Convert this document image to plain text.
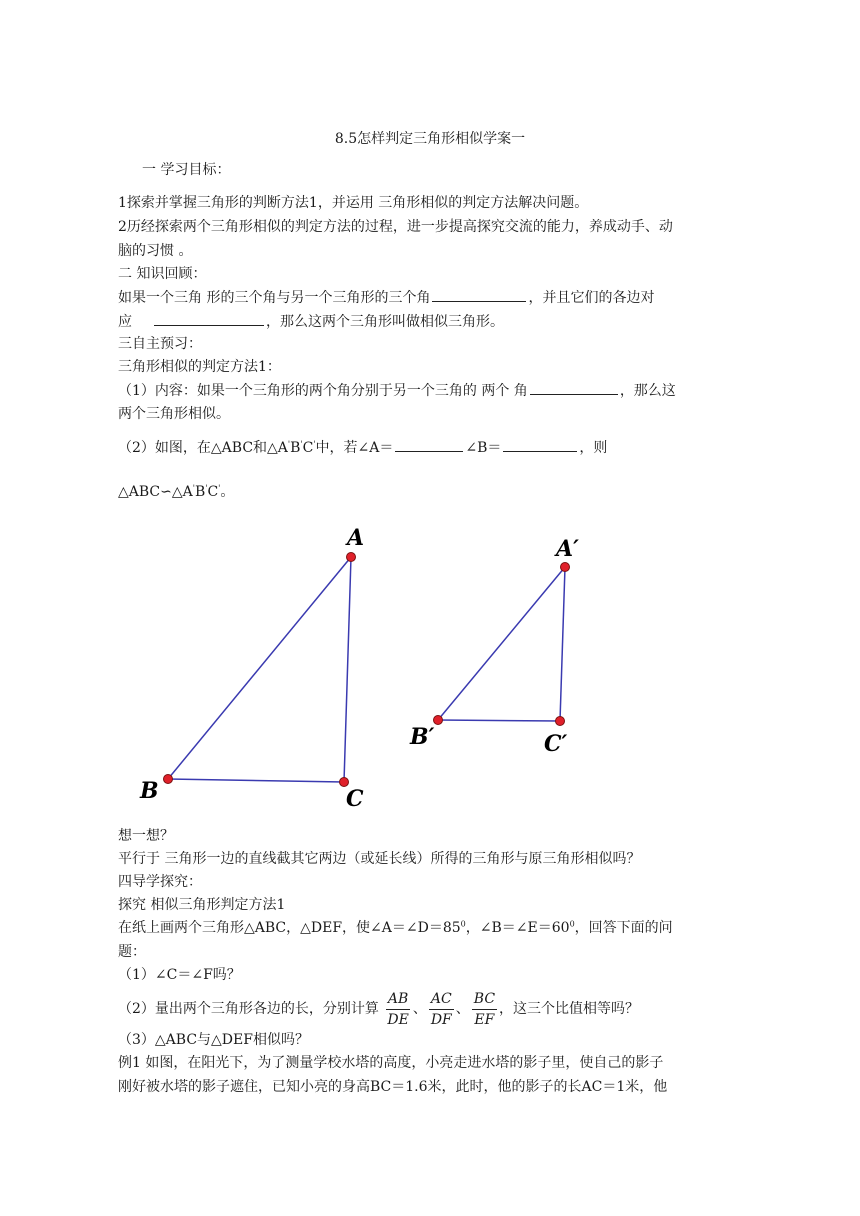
8.5怎样判定三角形相似学案一
一 学习目标：
1探索并掌握三角形的判断方法1，并运用 三角形相似的判定方法解决问题。
2历经探索两个三角形相似的判定方法的过程，进一步提高探究交流的能力，养成动手、动
脑的习惯 。
二 知识回顾：
如果一个三角 形的三个角与另一个三角形的三个角	，并且它们的各边对
应	，那么这两个三角形叫做相似三角形。
三自主预习：
三角形相似的判定方法1：
（1）内容：如果一个三角形的两个角分别于另一个三角的 两个 角	，那么这
两个三角形相似。
（2）如图，在△ABC和△A'B'C'中，若∠A＝	∠B＝	，则
△ABC∽△A'B'C'。
A
B	C
A′
B′	C′
想一想？
平行于 三角形一边的直线截其它两边（或延长线）所得的三角形与原三角形相似吗？
四导学探究：
探究 相似三角形判定方法1
在纸上画两个三角形△ABC，△DEF，使$\angle A=\angle D=85^0$，$\angle B=\angle E=60^0$，回答下面的问
题：
（1）∠C＝∠F吗？
（2）量出两个三角形各边的长，分别计算 $\frac{AB}{DE}$ 、 $\frac{AC}{DF}$ 、 $\frac{BC}{EF}$ ，这三个比值相等吗？
（3）△ABC与△DEF相似吗？
例1 如图，在阳光下，为了测量学校水塔的高度，小亮走进水塔的影子里，使自己的影子
刚好被水塔的影子遮住，已知小亮的身高BC＝1.6米，此时，他的影子的长AC＝1米，他
